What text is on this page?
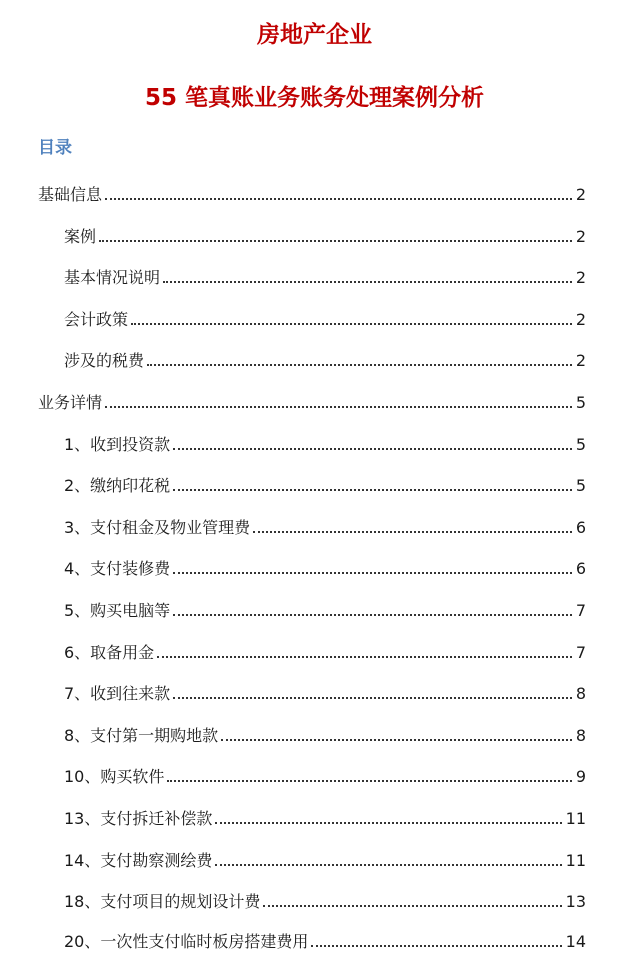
房地产企业
55 笔真账业务账务处理案例分析
目录
基础信息	2
案例	2
基本情况说明	2
会计政策	2
涉及的税费	2
业务详情	5
1、收到投资款	5
2、缴纳印花税	5
3、支付租金及物业管理费	6
4、支付装修费	6
5、购买电脑等	7
6、取备用金	7
7、收到往来款	8
8、支付第一期购地款	8
10、购买软件	9
13、支付拆迁补偿款	11
14、支付勘察测绘费	11
18、支付项目的规划设计费	13
20、一次性支付临时板房搭建费用	14
